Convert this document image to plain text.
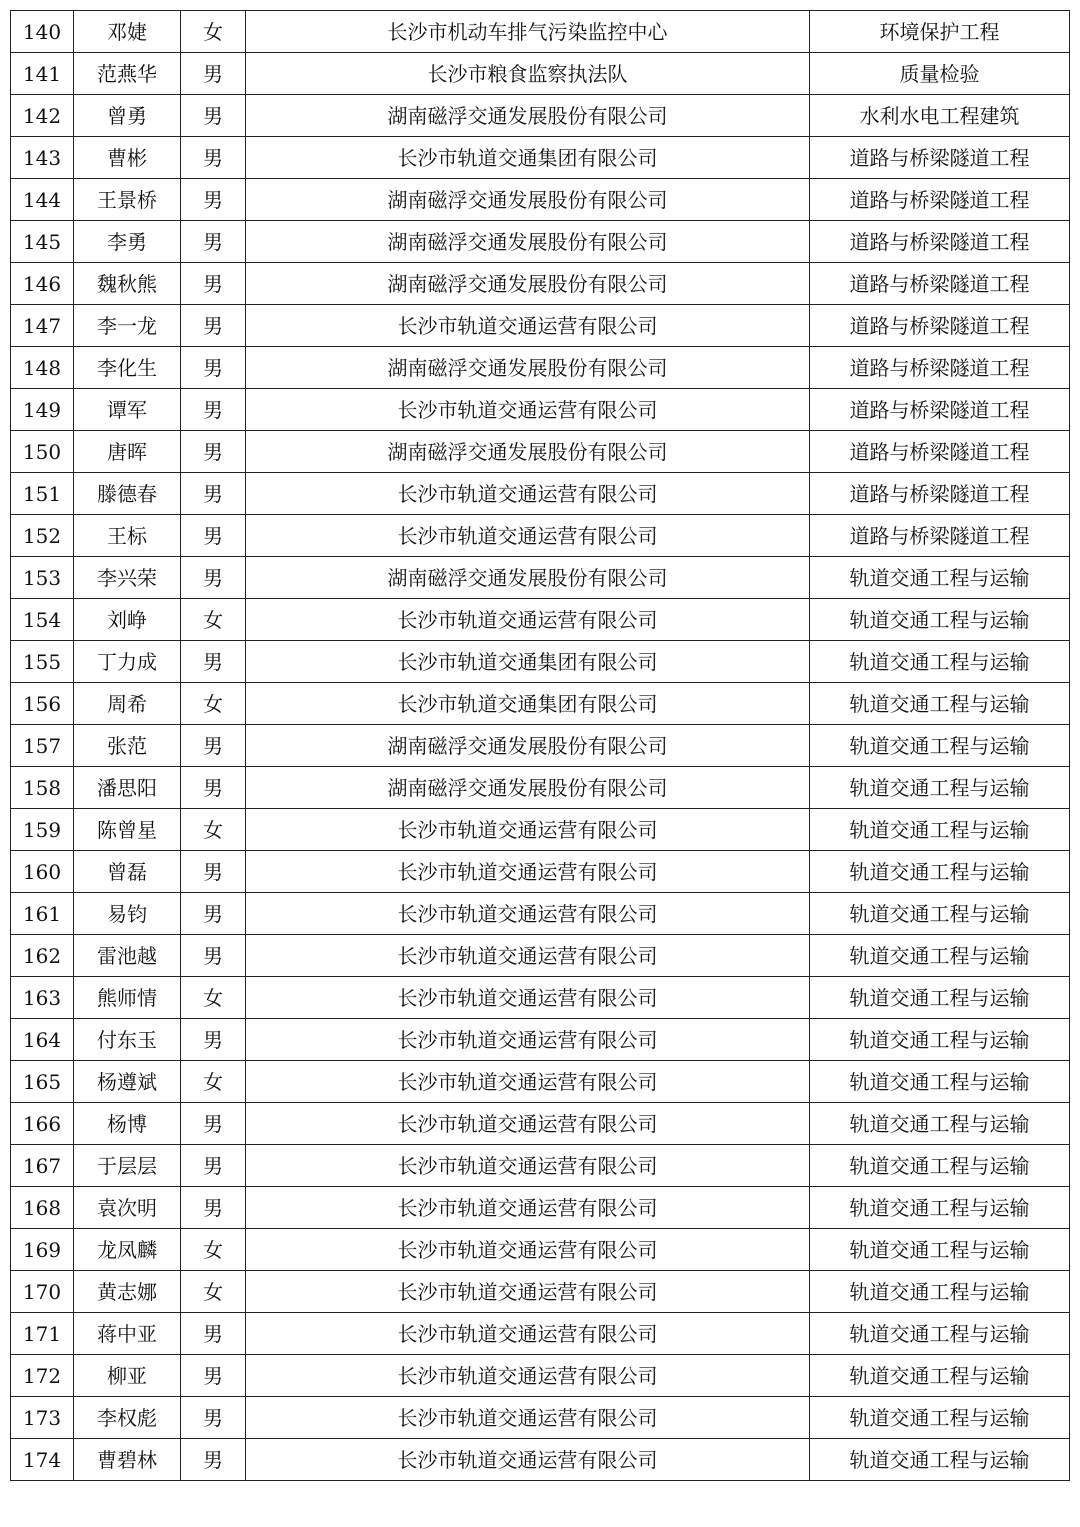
140	邓婕	女	长沙市机动车排气污染监控中心	环境保护工程
141	范燕华	男	长沙市粮食监察执法队	质量检验
142	曾勇	男	湖南磁浮交通发展股份有限公司	水利水电工程建筑
143	曹彬	男	长沙市轨道交通集团有限公司	道路与桥梁隧道工程
144	王景桥	男	湖南磁浮交通发展股份有限公司	道路与桥梁隧道工程
145	李勇	男	湖南磁浮交通发展股份有限公司	道路与桥梁隧道工程
146	魏秋熊	男	湖南磁浮交通发展股份有限公司	道路与桥梁隧道工程
147	李一龙	男	长沙市轨道交通运营有限公司	道路与桥梁隧道工程
148	李化生	男	湖南磁浮交通发展股份有限公司	道路与桥梁隧道工程
149	谭军	男	长沙市轨道交通运营有限公司	道路与桥梁隧道工程
150	唐晖	男	湖南磁浮交通发展股份有限公司	道路与桥梁隧道工程
151	滕德春	男	长沙市轨道交通运营有限公司	道路与桥梁隧道工程
152	王标	男	长沙市轨道交通运营有限公司	道路与桥梁隧道工程
153	李兴荣	男	湖南磁浮交通发展股份有限公司	轨道交通工程与运输
154	刘峥	女	长沙市轨道交通运营有限公司	轨道交通工程与运输
155	丁力成	男	长沙市轨道交通集团有限公司	轨道交通工程与运输
156	周希	女	长沙市轨道交通集团有限公司	轨道交通工程与运输
157	张范	男	湖南磁浮交通发展股份有限公司	轨道交通工程与运输
158	潘思阳	男	湖南磁浮交通发展股份有限公司	轨道交通工程与运输
159	陈曾星	女	长沙市轨道交通运营有限公司	轨道交通工程与运输
160	曾磊	男	长沙市轨道交通运营有限公司	轨道交通工程与运输
161	易钧	男	长沙市轨道交通运营有限公司	轨道交通工程与运输
162	雷池越	男	长沙市轨道交通运营有限公司	轨道交通工程与运输
163	熊师情	女	长沙市轨道交通运营有限公司	轨道交通工程与运输
164	付东玉	男	长沙市轨道交通运营有限公司	轨道交通工程与运输
165	杨遵斌	女	长沙市轨道交通运营有限公司	轨道交通工程与运输
166	杨博	男	长沙市轨道交通运营有限公司	轨道交通工程与运输
167	于层层	男	长沙市轨道交通运营有限公司	轨道交通工程与运输
168	袁次明	男	长沙市轨道交通运营有限公司	轨道交通工程与运输
169	龙凤麟	女	长沙市轨道交通运营有限公司	轨道交通工程与运输
170	黄志娜	女	长沙市轨道交通运营有限公司	轨道交通工程与运输
171	蒋中亚	男	长沙市轨道交通运营有限公司	轨道交通工程与运输
172	柳亚	男	长沙市轨道交通运营有限公司	轨道交通工程与运输
173	李权彪	男	长沙市轨道交通运营有限公司	轨道交通工程与运输
174	曹碧林	男	长沙市轨道交通运营有限公司	轨道交通工程与运输
